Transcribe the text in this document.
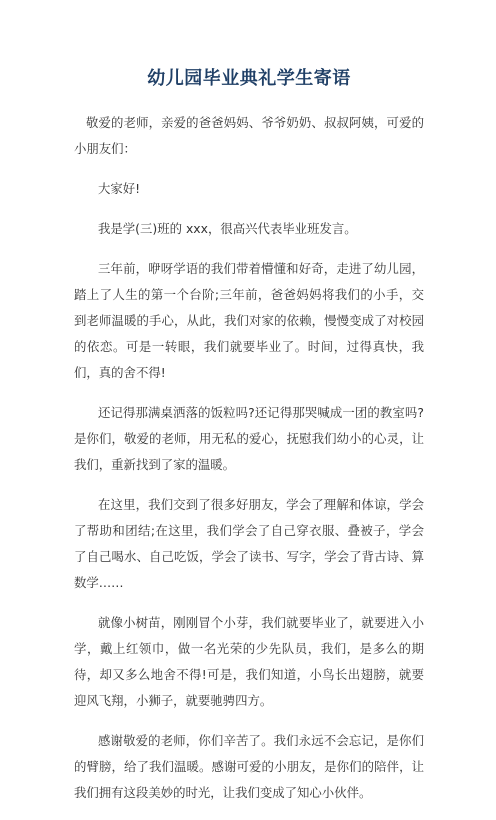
幼儿园毕业典礼学生寄语

敬爱的老师，亲爱的爸爸妈妈、爷爷奶奶、叔叔阿姨，可爱的小朋友们：

大家好!

我是学(三)班的 xxx，很高兴代表毕业班发言。

三年前，咿呀学语的我们带着懵懂和好奇，走进了幼儿园，踏上了人生的第一个台阶;三年前，爸爸妈妈将我们的小手，交到老师温暖的手心，从此，我们对家的依赖，慢慢变成了对校园的依恋。可是一转眼，我们就要毕业了。时间，过得真快，我们，真的舍不得!

还记得那满桌洒落的饭粒吗?还记得那哭喊成一团的教室吗?是你们，敬爱的老师，用无私的爱心，抚慰我们幼小的心灵，让我们，重新找到了家的温暖。

在这里，我们交到了很多好朋友，学会了理解和体谅，学会了帮助和团结;在这里，我们学会了自己穿衣服、叠被子，学会了自己喝水、自己吃饭，学会了读书、写字，学会了背古诗、算数学……

就像小树苗，刚刚冒个小芽，我们就要毕业了，就要进入小学，戴上红领巾，做一名光荣的少先队员，我们，是多么的期待，却又多么地舍不得!可是，我们知道，小鸟长出翅膀，就要迎风飞翔，小狮子，就要驰骋四方。

感谢敬爱的老师，你们辛苦了。我们永远不会忘记，是你们的臂膀，给了我们温暖。感谢可爱的小朋友，是你们的陪伴，让我们拥有这段美妙的时光，让我们变成了知心小伙伴。
